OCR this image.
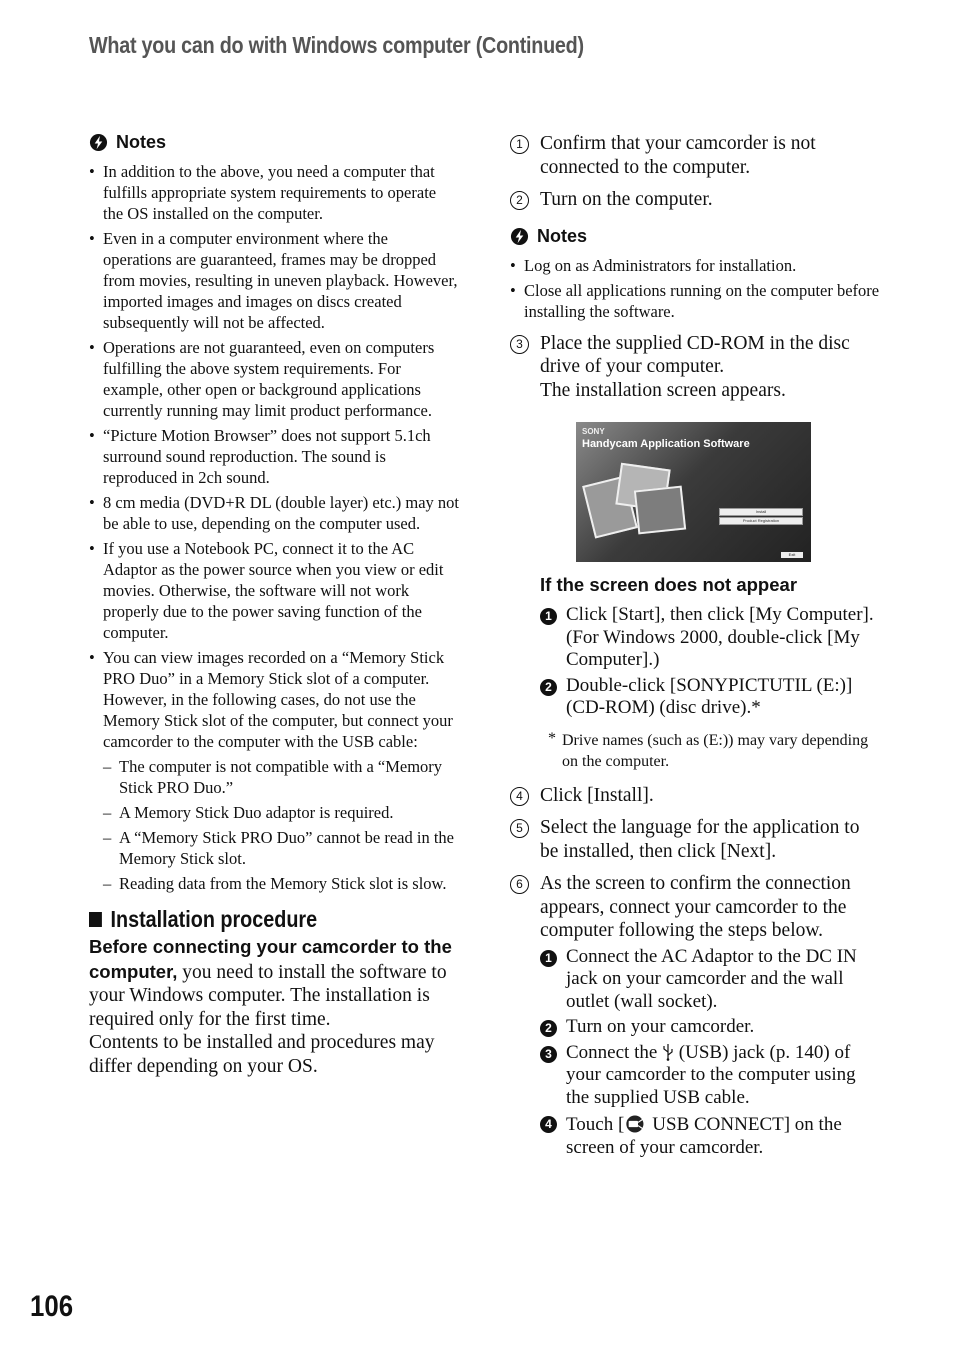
What you can do with Windows computer (Continued)
Notes
• In addition to the above, you need a computer that fulfills appropriate system requirements to operate the OS installed on the computer.
• Even in a computer environment where the operations are guaranteed, frames may be dropped from movies, resulting in uneven playback. However, imported images and images on discs created subsequently will not be affected.
• Operations are not guaranteed, even on computers fulfilling the above system requirements. For example, other open or background applications currently running may limit product performance.
• “Picture Motion Browser” does not support 5.1ch surround sound reproduction. The sound is reproduced in 2ch sound.
• 8 cm media (DVD+R DL (double layer) etc.) may not be able to use, depending on the computer used.
• If you use a Notebook PC, connect it to the AC Adaptor as the power source when you view or edit movies. Otherwise, the software will not work properly due to the power saving function of the computer.
• You can view images recorded on a “Memory Stick PRO Duo” in a Memory Stick slot of a computer. However, in the following cases, do not use the Memory Stick slot of the computer, but connect your camcorder to the computer with the USB cable:
– The computer is not compatible with a “Memory Stick PRO Duo.”
– A Memory Stick Duo adaptor is required.
– A “Memory Stick PRO Duo” cannot be read in the Memory Stick slot.
– Reading data from the Memory Stick slot is slow.
Installation procedure
Before connecting your camcorder to the computer, you need to install the software to your Windows computer. The installation is required only for the first time.
Contents to be installed and procedures may differ depending on your OS.
1 Confirm that your camcorder is not connected to the computer.
2 Turn on the computer.
Notes
• Log on as Administrators for installation.
• Close all applications running on the computer before installing the software.
3 Place the supplied CD-ROM in the disc drive of your computer.
The installation screen appears.
SONY
Handycam Application Software
Install
Product Registration
Exit
If the screen does not appear
1 Click [Start], then click [My Computer]. (For Windows 2000, double-click [My Computer].)
2 Double-click [SONYPICTUTIL (E:)] (CD-ROM) (disc drive).*
* Drive names (such as (E:)) may vary depending on the computer.
4 Click [Install].
5 Select the language for the application to be installed, then click [Next].
6 As the screen to confirm the connection appears, connect your camcorder to the computer following the steps below.
1 Connect the AC Adaptor to the DC IN jack on your camcorder and the wall outlet (wall socket).
2 Turn on your camcorder.
3 Connect the  (USB) jack (p. 140) of your camcorder to the computer using the supplied USB cable.
4 Touch [ USB CONNECT] on the screen of your camcorder.
106
